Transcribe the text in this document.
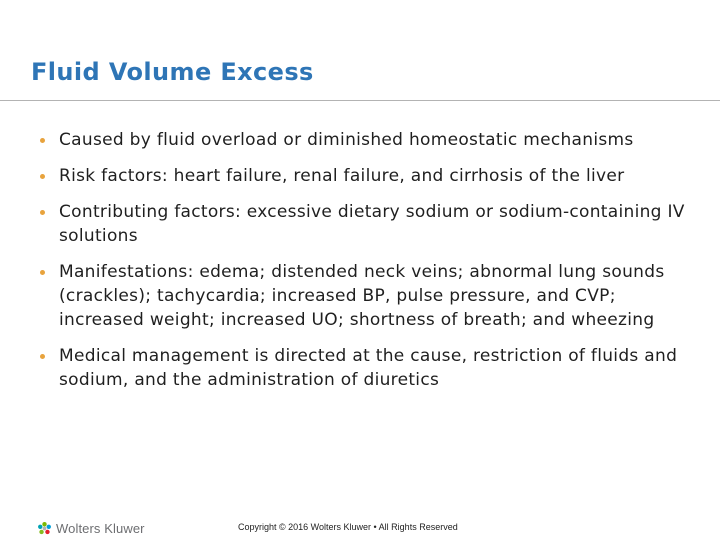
Fluid Volume Excess
Caused by fluid overload or diminished homeostatic mechanisms
Risk factors: heart failure, renal failure, and cirrhosis of the liver
Contributing factors: excessive dietary sodium or sodium-containing IV solutions
Manifestations: edema; distended neck veins; abnormal lung sounds (crackles); tachycardia; increased BP, pulse pressure, and CVP; increased weight; increased UO; shortness of breath; and wheezing
Medical management is directed at the cause, restriction of fluids and sodium, and the administration of diuretics
Wolters Kluwer	Copyright © 2016 Wolters Kluwer • All Rights Reserved
